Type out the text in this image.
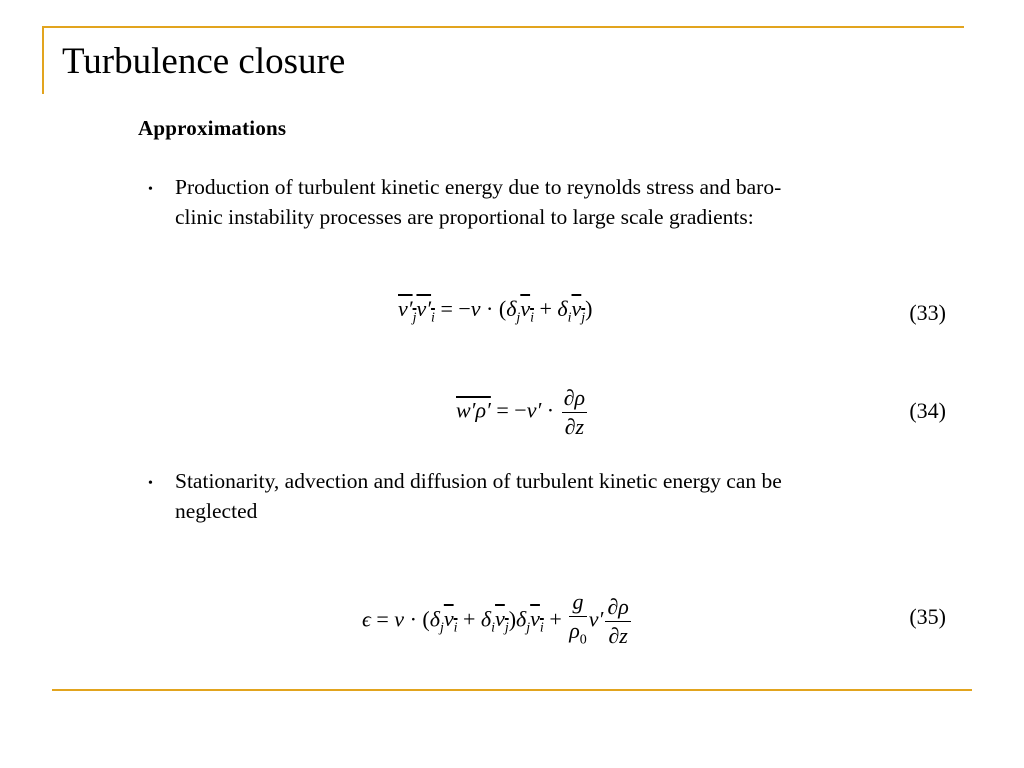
Turbulence closure
Approximations
• Production of turbulent kinetic energy due to reynolds stress and baro-
clinic instability processes are proportional to large scale gradients:
$v'_jv'_i = -\nu \cdot (\delta_jv_i + \delta_iv_j)$	(33)
$w'\rho' = -\nu' \cdot \frac{\partial\rho}{\partial z}$	(34)
• Stationarity, advection and diffusion of turbulent kinetic energy can be
neglected
$\epsilon = \nu \cdot (\delta_jv_i + \delta_iv_j)\delta_jv_i + \frac{g}{\rho_0} \nu' \frac{\partial\rho}{\partial z}$	(35)
